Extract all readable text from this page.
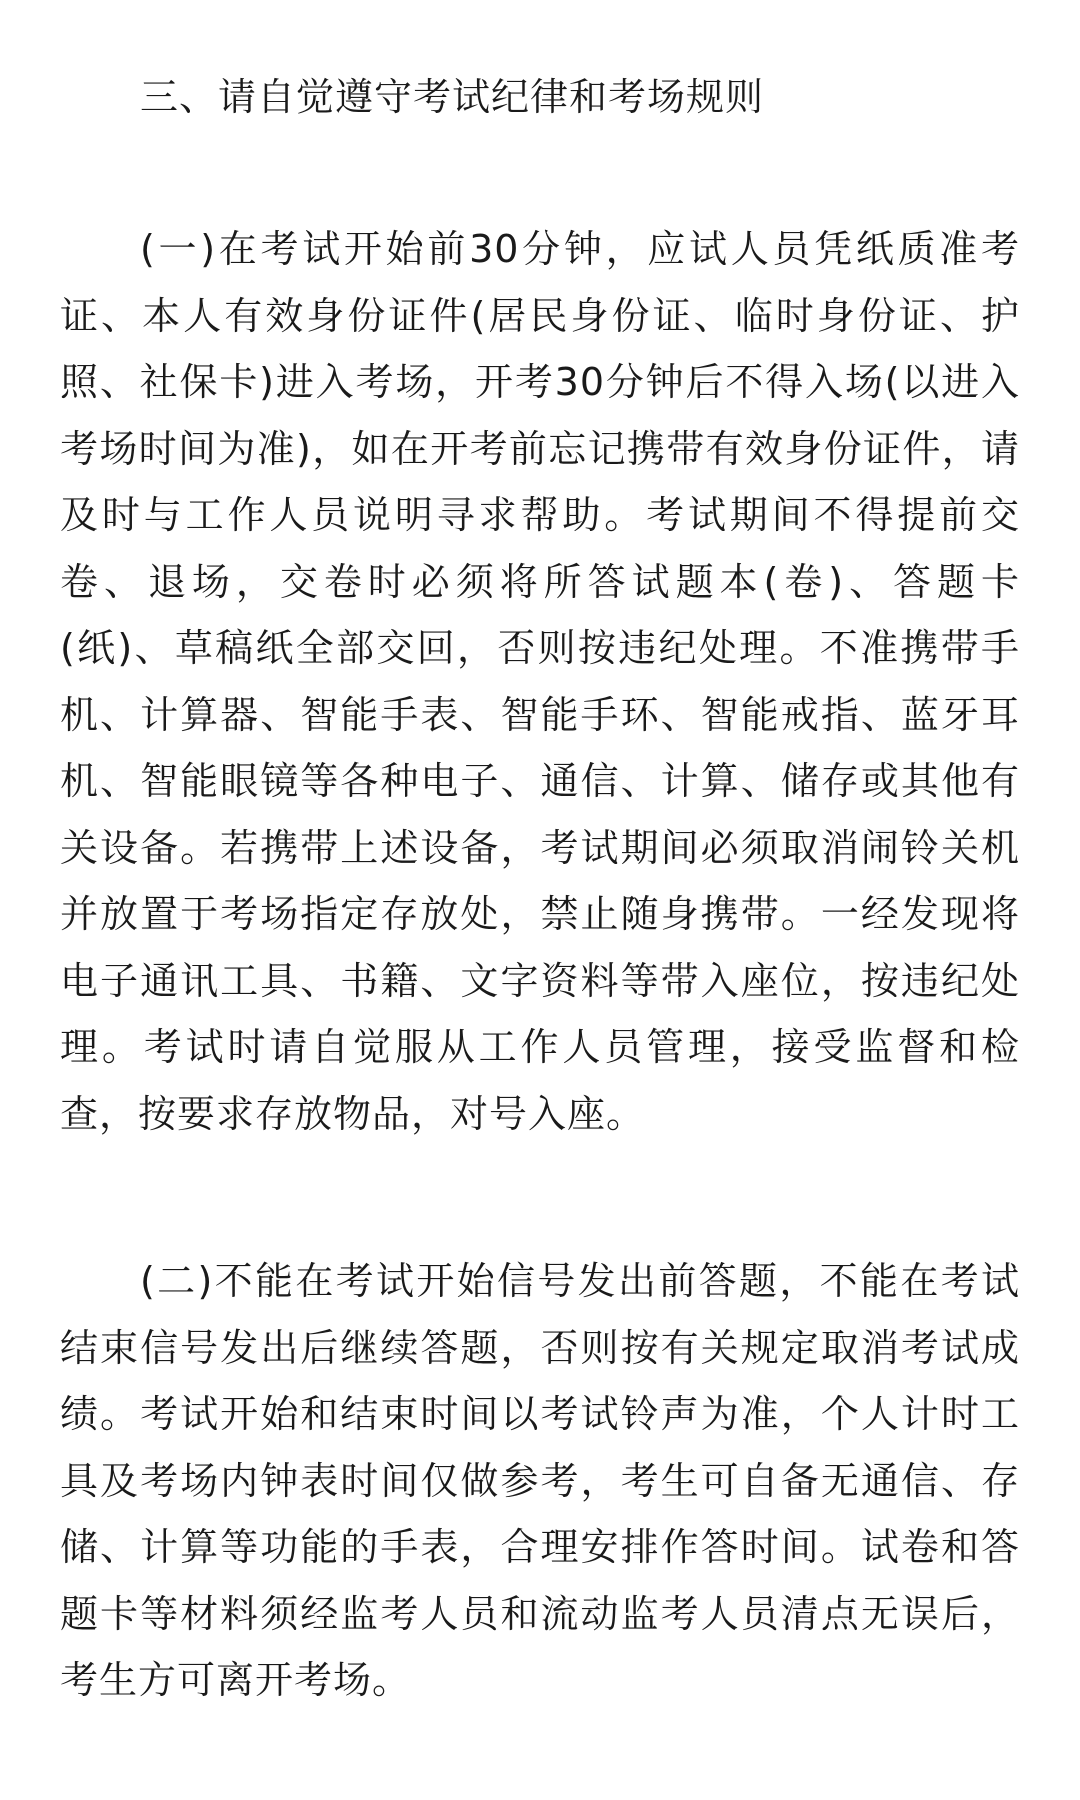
三、请自觉遵守考试纪律和考场规则

(一)在考试开始前30分钟，应试人员凭纸质准考证、本人有效身份证件(居民身份证、临时身份证、护照、社保卡)进入考场，开考30分钟后不得入场(以进入考场时间为准)，如在开考前忘记携带有效身份证件，请及时与工作人员说明寻求帮助。考试期间不得提前交卷、退场，交卷时必须将所答试题本(卷)、答题卡(纸)、草稿纸全部交回，否则按违纪处理。不准携带手机、计算器、智能手表、智能手环、智能戒指、蓝牙耳机、智能眼镜等各种电子、通信、计算、储存或其他有关设备。若携带上述设备，考试期间必须取消闹铃关机并放置于考场指定存放处，禁止随身携带。一经发现将电子通讯工具、书籍、文字资料等带入座位，按违纪处理。考试时请自觉服从工作人员管理，接受监督和检查，按要求存放物品，对号入座。

(二)不能在考试开始信号发出前答题，不能在考试结束信号发出后继续答题，否则按有关规定取消考试成绩。考试开始和结束时间以考试铃声为准，个人计时工具及考场内钟表时间仅做参考，考生可自备无通信、存储、计算等功能的手表，合理安排作答时间。试卷和答题卡等材料须经监考人员和流动监考人员清点无误后，考生方可离开考场。
